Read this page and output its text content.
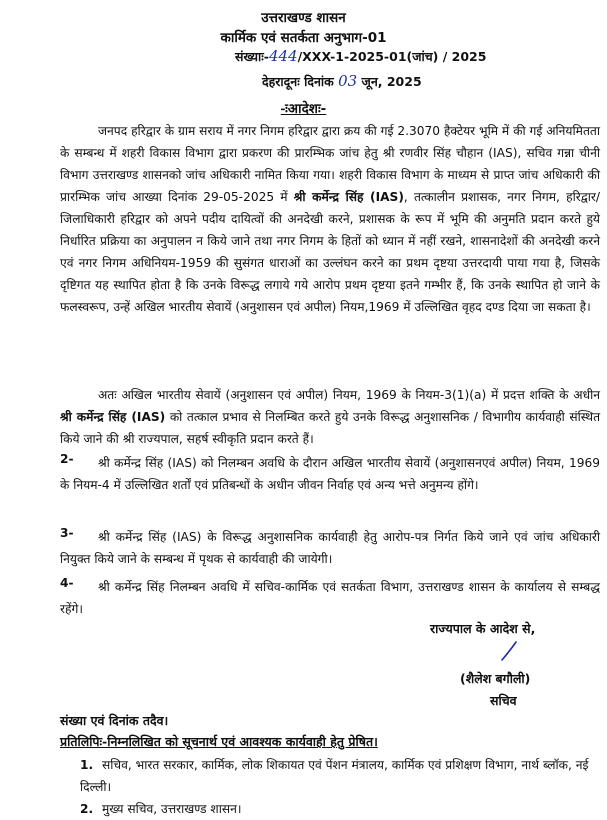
उत्तराखण्ड शासन
कार्मिक एवं सतर्कता अनुभाग-01
संख्याः-444/XXX-1-2025-01(जांच) / 2025
देहरादूनः दिनांक 03 जून, 2025
-ःआदेशः-
जनपद हरिद्वार के ग्राम सराय में नगर निगम हरिद्वार द्वारा क्रय की गई 2.3070 हैक्टेयर भूमि में की गई अनियमितता के सम्बन्ध में शहरी विकास विभाग द्वारा प्रकरण की प्रारम्भिक जांच हेतु श्री रणवीर सिंह चौहान (IAS), सचिव गन्ना चीनी विभाग उत्तराखण्ड शासनको जांच अधिकारी नामित किया गया। शहरी विकास विभाग के माध्यम से प्राप्त जांच अधिकारी की प्रारम्भिक जांच आख्या दिनांक 29-05-2025 में श्री कर्मेन्द्र सिंह (IAS), तत्कालीन प्रशासक, नगर निगम, हरिद्वार/जिलाधिकारी हरिद्वार को अपने पदीय दायित्वों की अनदेखी करने, प्रशासक के रूप में भूमि की अनुमति प्रदान करते हुये निर्धारित प्रक्रिया का अनुपालन न किये जाने तथा नगर निगम के हितों को ध्यान में नहीं रखने, शासनादेशों की अनदेखी करने एवं नगर निगम अधिनियम-1959 की सुसंगत धाराओं का उल्लंघन करने का प्रथम दृष्टया उत्तरदायी पाया गया है, जिसके दृष्टिगत यह स्थापित होता है कि उनके विरूद्ध लगाये गये आरोप प्रथम दृष्टया इतने गम्भीर हैं, कि उनके स्थापित हो जाने के फलस्वरूप, उन्हें अखिल भारतीय सेवायें (अनुशासन एवं अपील) नियम,1969 में उल्लिखित वृहद दण्ड दिया जा सकता है।
अतः अखिल भारतीय सेवायें (अनुशासन एवं अपील) नियम, 1969 के नियम-3(1)(a) में प्रदत्त शक्ति के अधीन श्री कर्मेन्द्र सिंह (IAS) को तत्काल प्रभाव से निलम्बित करते हुये उनके विरूद्ध अनुशासनिक / विभागीय कार्यवाही संस्थित किये जाने की श्री राज्यपाल, सहर्ष स्वीकृति प्रदान करते हैं।
2-	श्री कर्मेन्द्र सिंह (IAS) को निलम्बन अवधि के दौरान अखिल भारतीय सेवायें (अनुशासनएवं अपील) नियम, 1969 के नियम-4 में उल्लिखित शर्तों एवं प्रतिबन्धों के अधीन जीवन निर्वाह एवं अन्य भत्ते अनुमन्य होंगे।
3-	श्री कर्मेन्द्र सिंह (IAS) के विरूद्ध अनुशासनिक कार्यवाही हेतु आरोप-पत्र निर्गत किये जाने एवं जांच अधिकारी नियुक्त किये जाने के सम्बन्ध में पृथक से कार्यवाही की जायेगी।
4-	श्री कर्मेन्द्र सिंह निलम्बन अवधि में सचिव-कार्मिक एवं सतर्कता विभाग, उत्तराखण्ड शासन के कार्यालय से सम्बद्ध रहेंगे।
राज्यपाल के आदेश से,
(शैलेश बगौली)
सचिव
संख्या एवं दिनांक तदैव।
प्रतिलिपिः-निम्नलिखित को सूचनार्थ एवं आवश्यक कार्यवाही हेतु प्रेषित।
1. सचिव, भारत सरकार, कार्मिक, लोक शिकायत एवं पेंशन मंत्रालय, कार्मिक एवं प्रशिक्षण विभाग, नार्थ ब्लॉक, नई दिल्ली।
2. मुख्य सचिव, उत्तराखण्ड शासन।
